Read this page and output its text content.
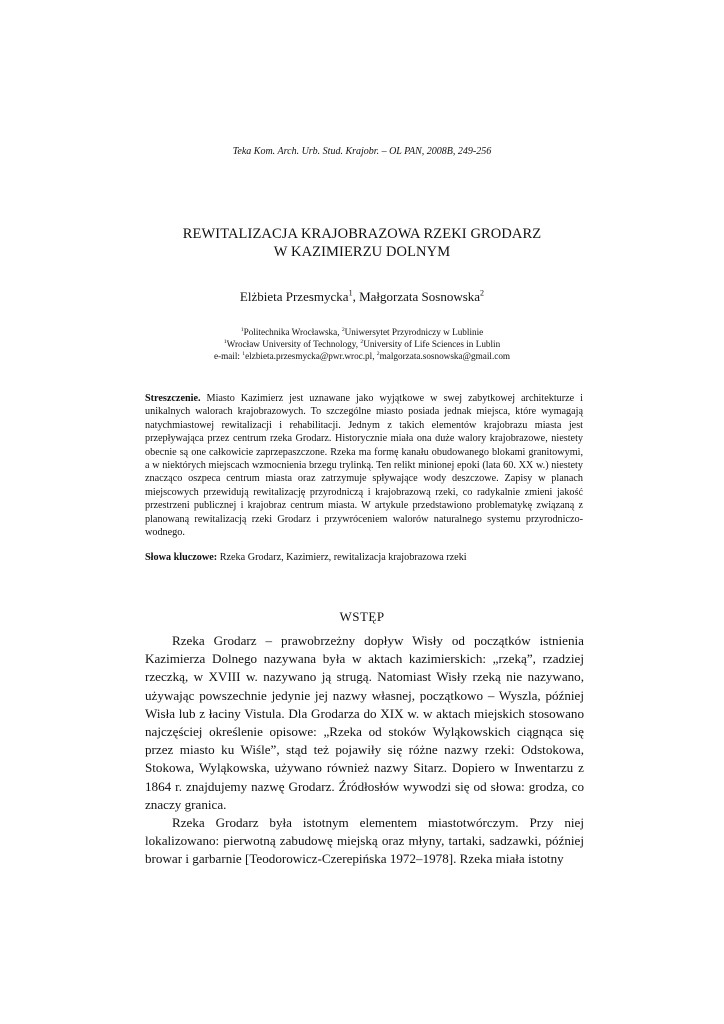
Teka Kom. Arch. Urb. Stud. Krajobr. – OL PAN, 2008B, 249-256
REWITALIZACJA KRAJOBRAZOWA RZEKI GRODARZ
W KAZIMIERZU DOLNYM
Elżbieta Przesmycka$^1$, Małgorzata Sosnowska$^2$
$^1$Politechnika Wrocławska, $^2$Uniwersytet Przyrodniczy w Lublinie
$^1$Wrocław University of Technology, $^2$University of Life Sciences in Lublin
e-mail: $^1$elzbieta.przesmycka@pwr.wroc.pl, $^2$malgorzata.sosnowska@gmail.com
Streszczenie. Miasto Kazimierz jest uznawane jako wyjątkowe w swej zabytkowej architekturze i unikalnych walorach krajobrazowych. To szczególne miasto posiada jednak miejsca, które wymagają natychmiastowej rewitalizacji i rehabilitacji. Jednym z takich elementów krajobrazu miasta jest przepływająca przez centrum rzeka Grodarz. Historycznie miała ona duże walory krajobrazowe, niestety obecnie są one całkowicie zaprzepaszczone. Rzeka ma formę kanału obudowanego blokami granitowymi, a w niektórych miejscach wzmocnienia brzegu trylinką. Ten relikt minionej epoki (lata 60. XX w.) niestety znacząco oszpeca centrum miasta oraz zatrzymuje spływające wody deszczowe. Zapisy w planach miejscowych przewidują rewitalizację przyrodniczą i krajobrazową rzeki, co radykalnie zmieni jakość przestrzeni publicznej i krajobraz centrum miasta. W artykule przedstawiono problematykę związaną z planowaną rewitalizacją rzeki Grodarz i przywróceniem walorów naturalnego systemu przyrodniczo-wodnego.
Słowa kluczowe: Rzeka Grodarz, Kazimierz, rewitalizacja krajobrazowa rzeki
WSTĘP

Rzeka Grodarz – prawobrzeżny dopływ Wisły od początków istnienia Kazimierza Dolnego nazywana była w aktach kazimierskich: „rzeką”, rzadziej rzeczką, w XVIII w. nazywano ją strugą. Natomiast Wisły rzeką nie nazywano, używając powszechnie jedynie jej nazwy własnej, początkowo – Wyszla, później Wisła lub z łaciny Vistula. Dla Grodarza do XIX w. w aktach miejskich stosowano najczęściej określenie opisowe: „Rzeka od stoków Wyląkowskich ciągnąca się przez miasto ku Wiśle”, stąd też pojawiły się różne nazwy rzeki: Odstokowa, Stokowa, Wyląkowska, używano również nazwy Sitarz. Dopiero w Inwentarzu z 1864 r. znajdujemy nazwę Grodarz. Źródłosłów wywodzi się od słowa: grodza, co znaczy granica.

Rzeka Grodarz była istotnym elementem miastotwórczym. Przy niej lokalizowano: pierwotną zabudowę miejską oraz młyny, tartaki, sadzawki, później browar i garbarnie [Teodorowicz-Czerepińska 1972–1978]. Rzeka miała istotny
